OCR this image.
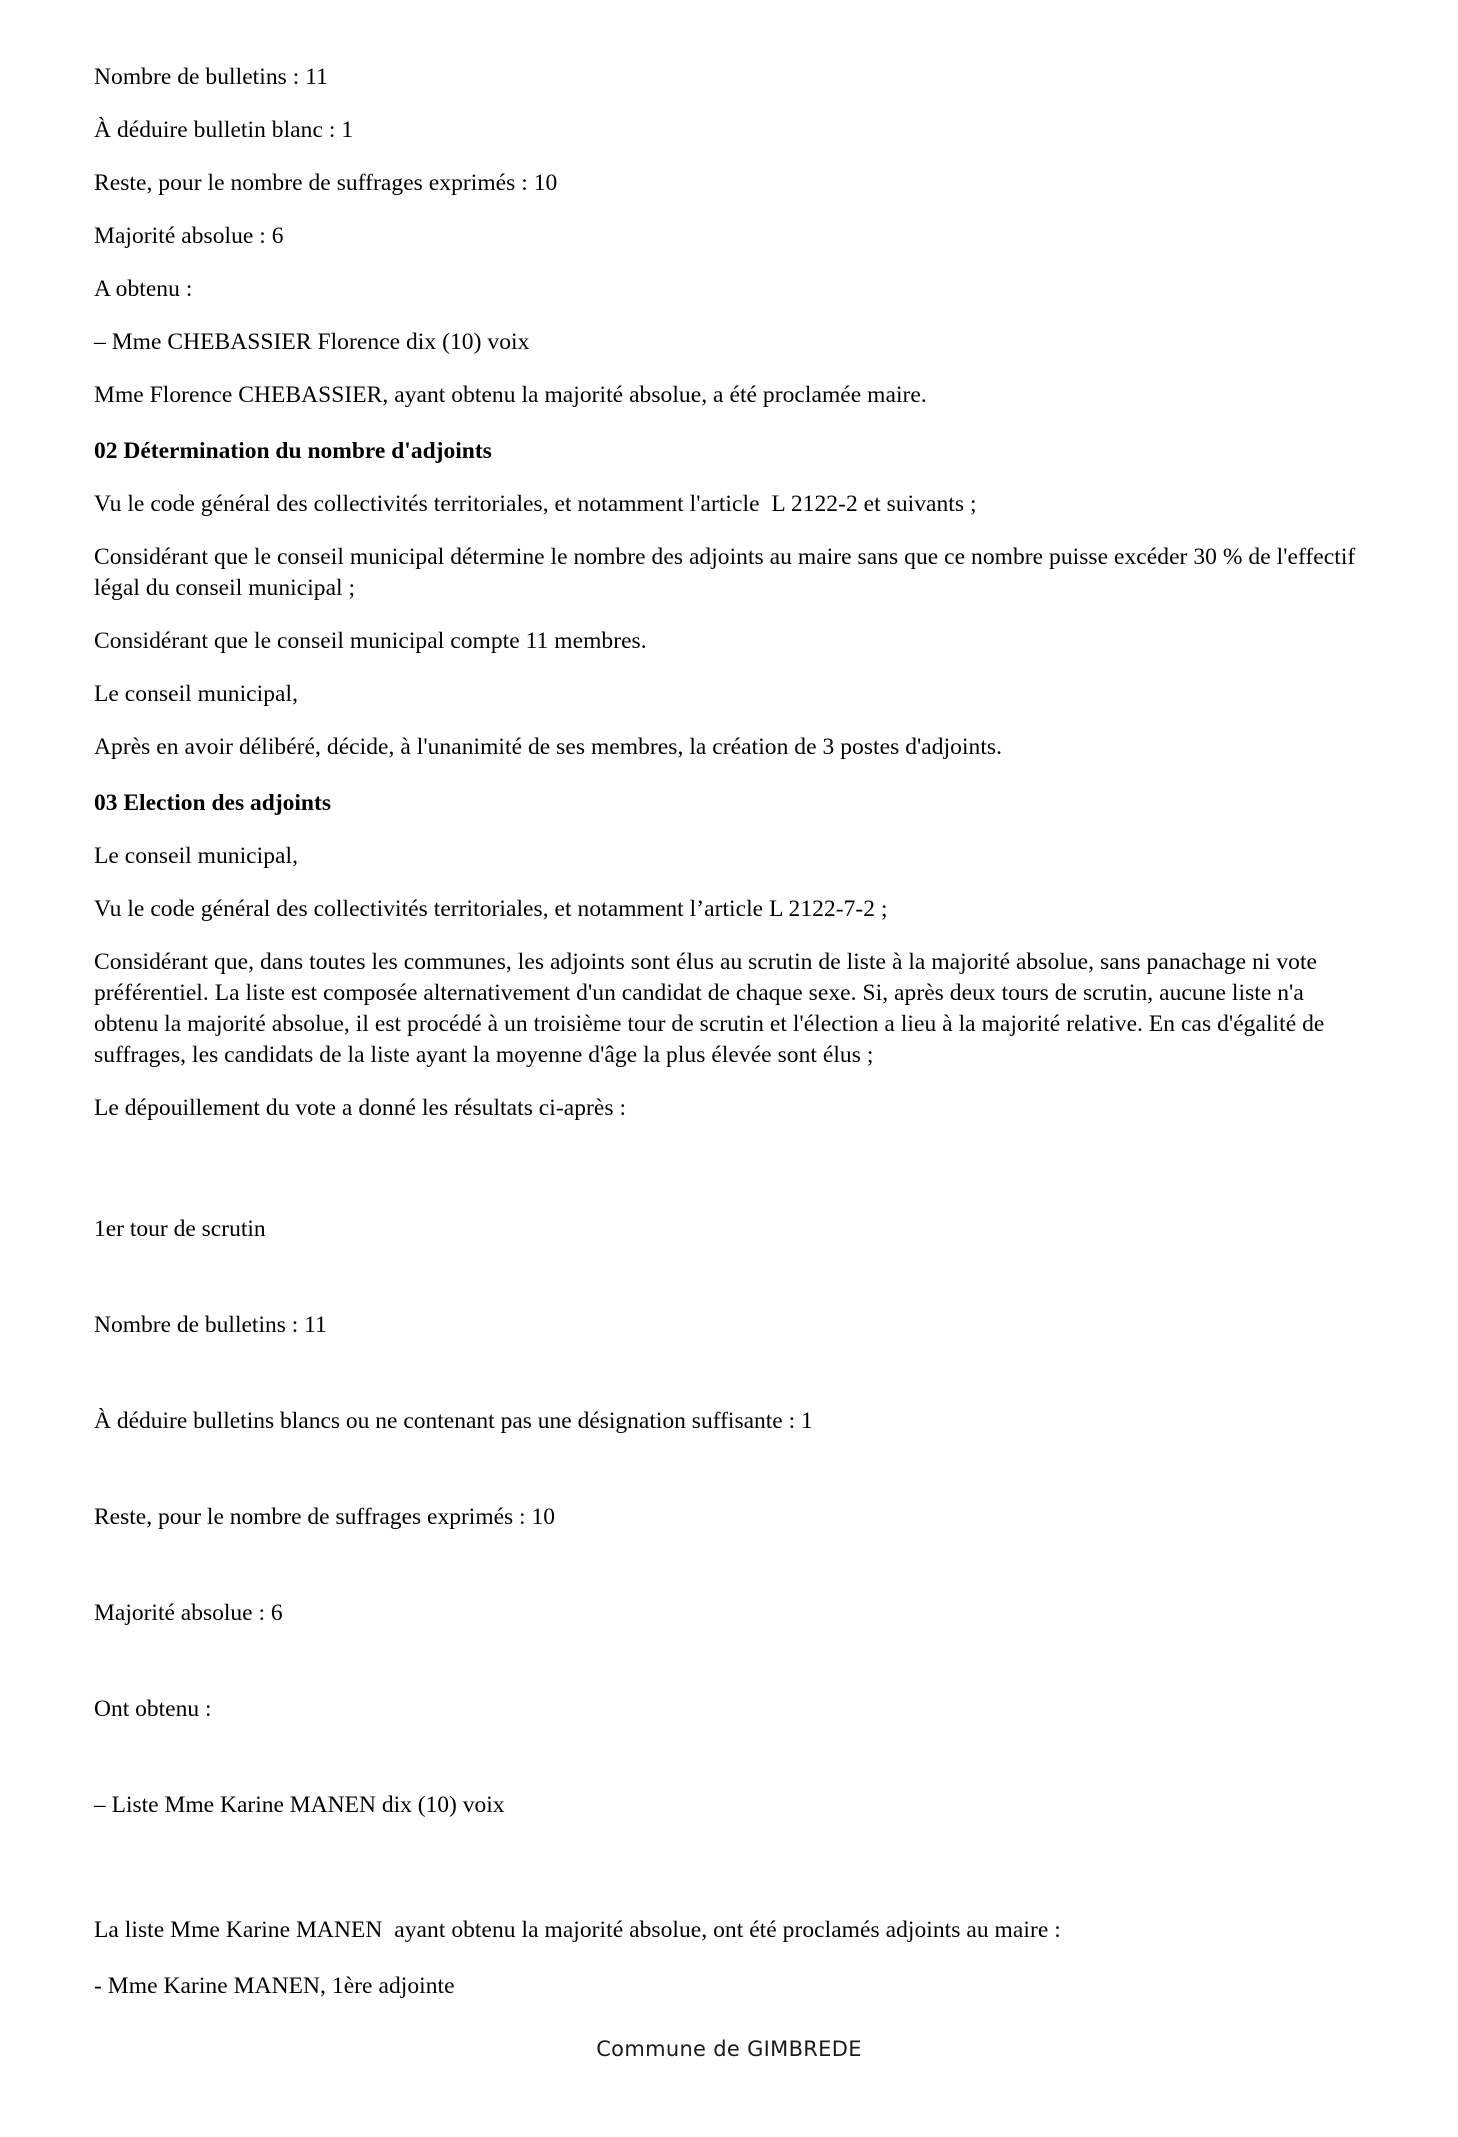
Nombre de bulletins : 11

À déduire bulletin blanc : 1

Reste, pour le nombre de suffrages exprimés : 10

Majorité absolue : 6

A obtenu :

– Mme CHEBASSIER Florence dix (10) voix

Mme Florence CHEBASSIER, ayant obtenu la majorité absolue, a été proclamée maire.

02 Détermination du nombre d'adjoints

Vu le code général des collectivités territoriales, et notamment l'article  L 2122-2 et suivants ;

Considérant que le conseil municipal détermine le nombre des adjoints au maire sans que ce nombre puisse excéder 30 % de l'effectif légal du conseil municipal ;

Considérant que le conseil municipal compte 11 membres.

Le conseil municipal,

Après en avoir délibéré, décide, à l'unanimité de ses membres, la création de 3 postes d'adjoints.

03 Election des adjoints

Le conseil municipal,

Vu le code général des collectivités territoriales, et notamment l’article L 2122-7-2 ;

Considérant que, dans toutes les communes, les adjoints sont élus au scrutin de liste à la majorité absolue, sans panachage ni vote préférentiel. La liste est composée alternativement d'un candidat de chaque sexe. Si, après deux tours de scrutin, aucune liste n'a obtenu la majorité absolue, il est procédé à un troisième tour de scrutin et l'élection a lieu à la majorité relative. En cas d'égalité de suffrages, les candidats de la liste ayant la moyenne d'âge la plus élevée sont élus ;

Le dépouillement du vote a donné les résultats ci-après :

1er tour de scrutin

Nombre de bulletins : 11

À déduire bulletins blancs ou ne contenant pas une désignation suffisante : 1

Reste, pour le nombre de suffrages exprimés : 10

Majorité absolue : 6

Ont obtenu :

– Liste Mme Karine MANEN dix (10) voix

La liste Mme Karine MANEN  ayant obtenu la majorité absolue, ont été proclamés adjoints au maire :

- Mme Karine MANEN, 1ère adjointe

Commune de GIMBREDE
